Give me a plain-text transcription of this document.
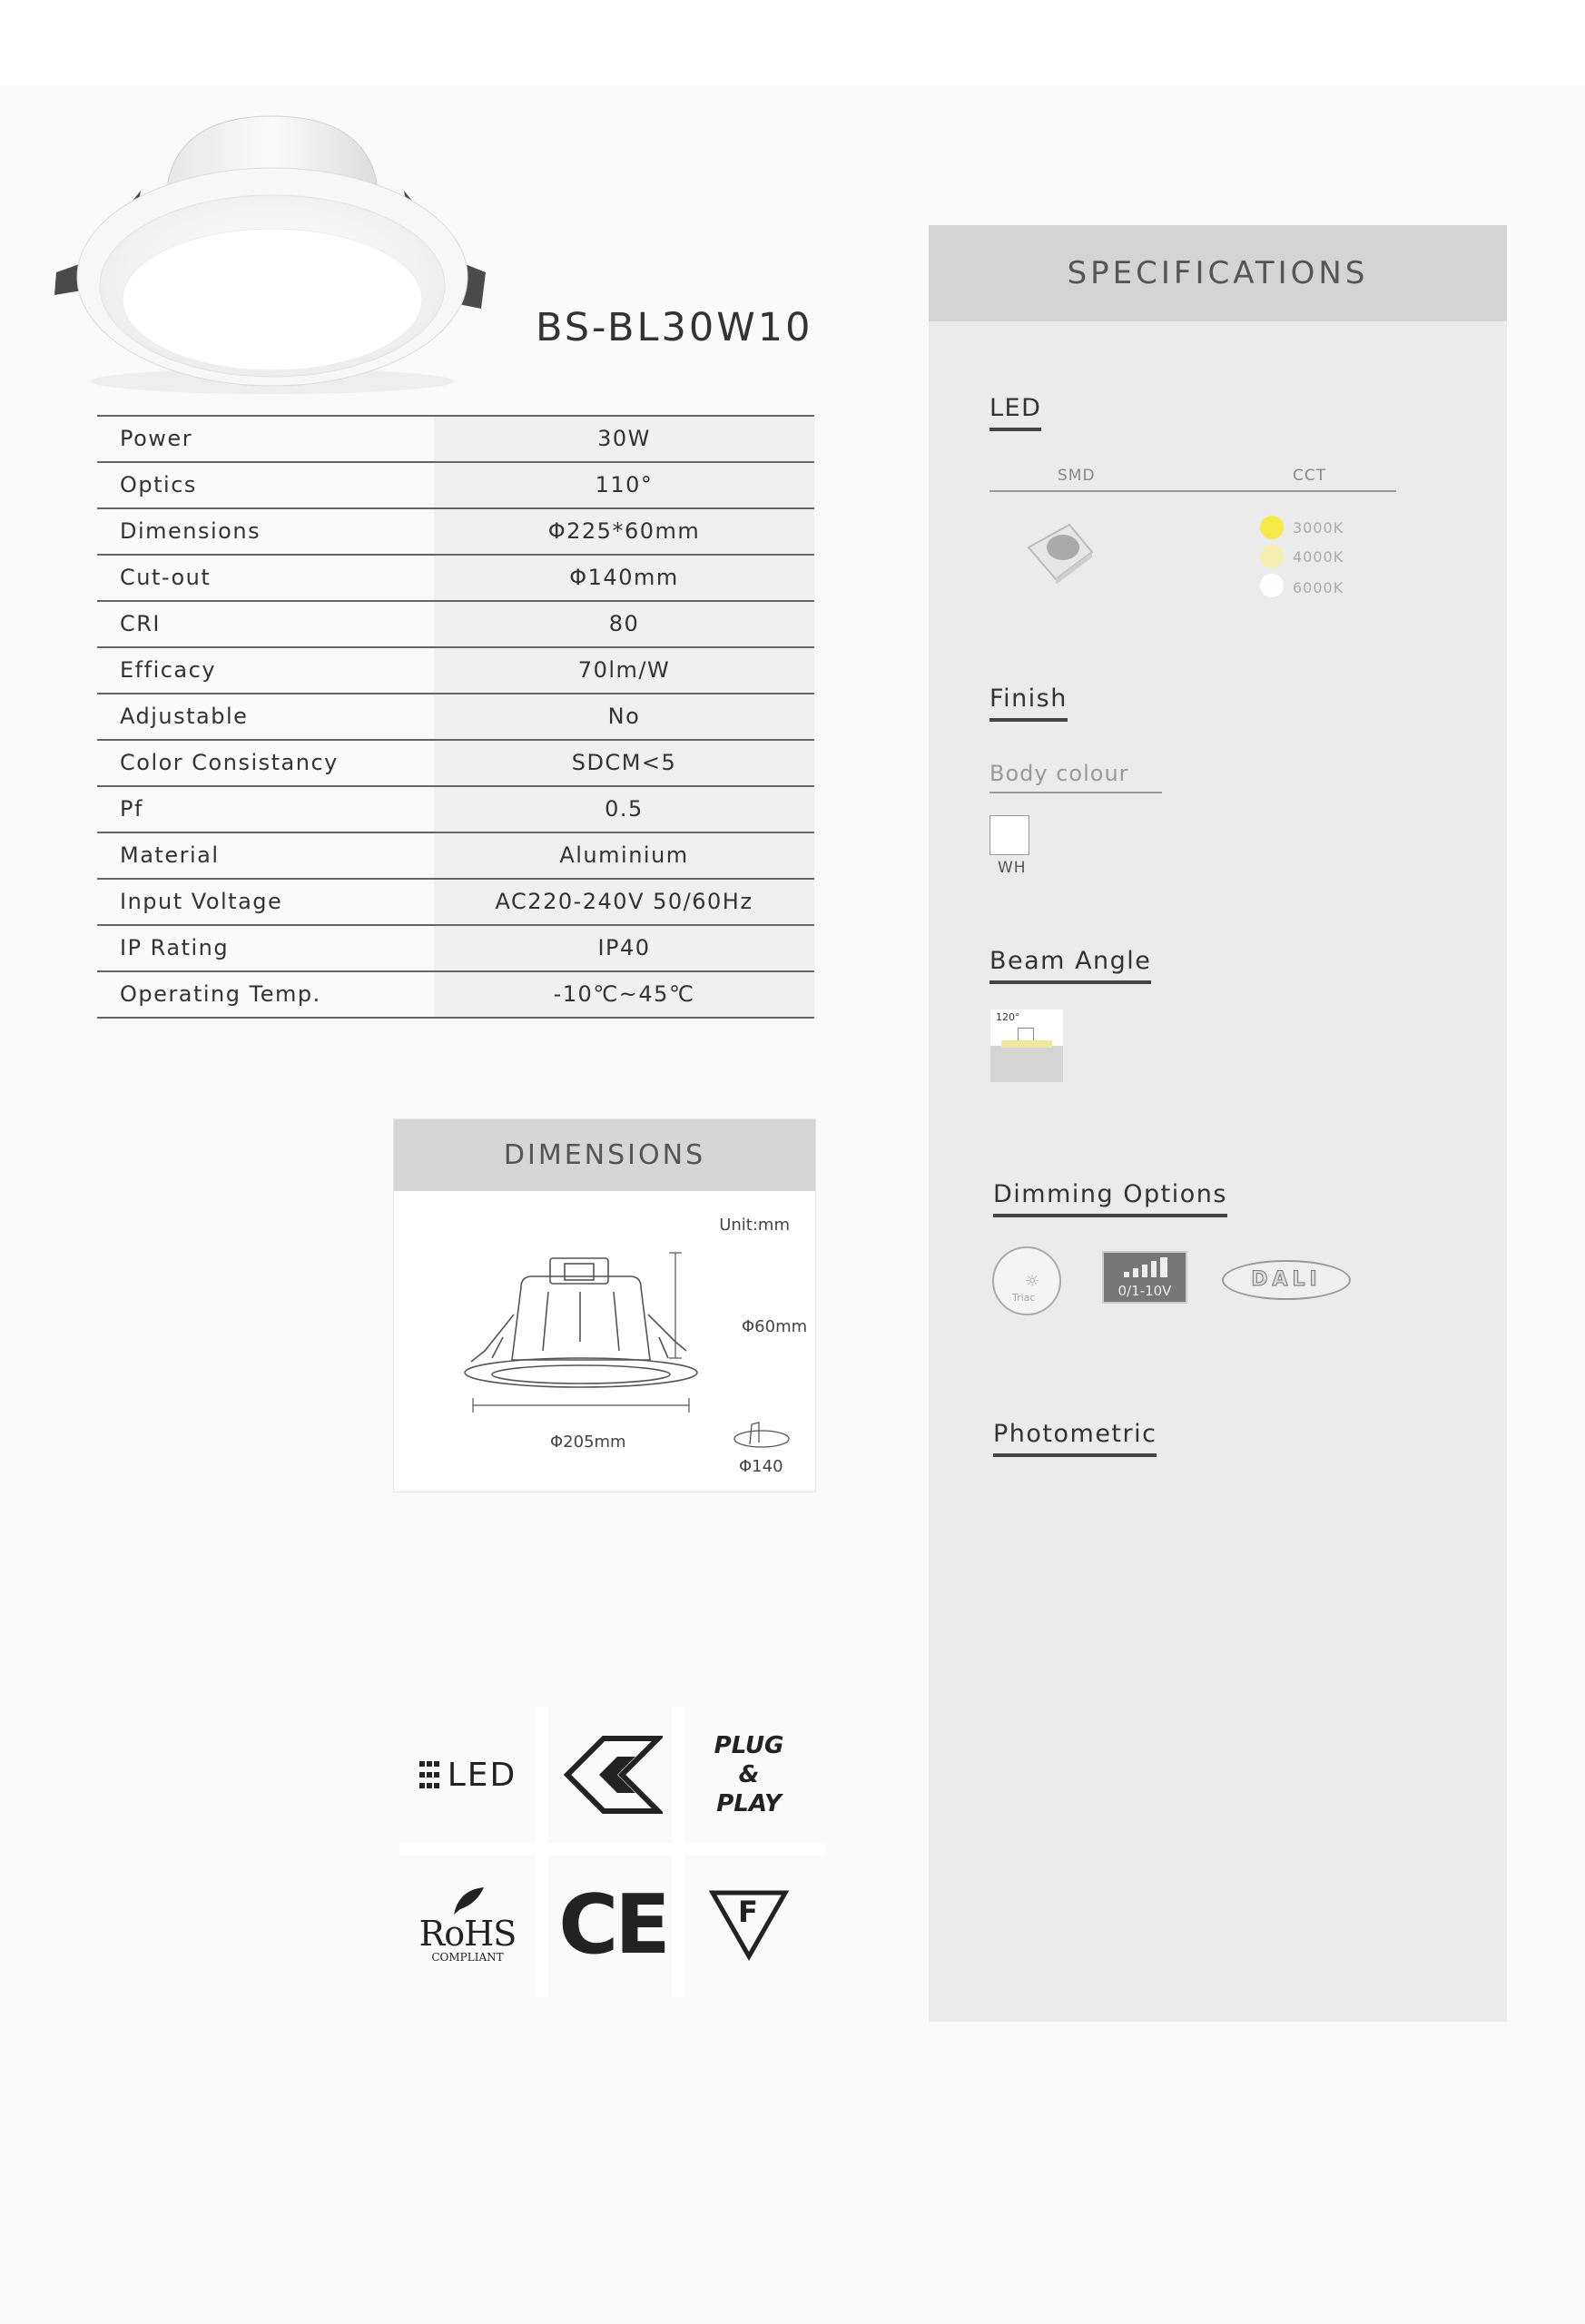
BS-BL30W10
Power	30W
Optics	110°
Dimensions	Φ225*60mm
Cut-out	Φ140mm
CRI	80
Efficacy	70lm/W
Adjustable	No
Color Consistancy	SDCM<5
Pf	0.5
Material	Aluminium
Input Voltage	AC220-240V 50/60Hz
IP Rating	IP40
Operating Temp.	-10℃~45℃
DIMENSIONS
Unit:mm
Φ60mm
Φ205mm
Φ140
LED
PLUG
&
PLAY
RoHS
COMPLIANT CE F
SPECIFICATIONS
LED
SMD	CCT
3000K
4000K
6000K
Finish
Body colour
WH
Beam Angle
120°
Dimming Options
☼
Triac	0/1-10V	DALI
Photometric
